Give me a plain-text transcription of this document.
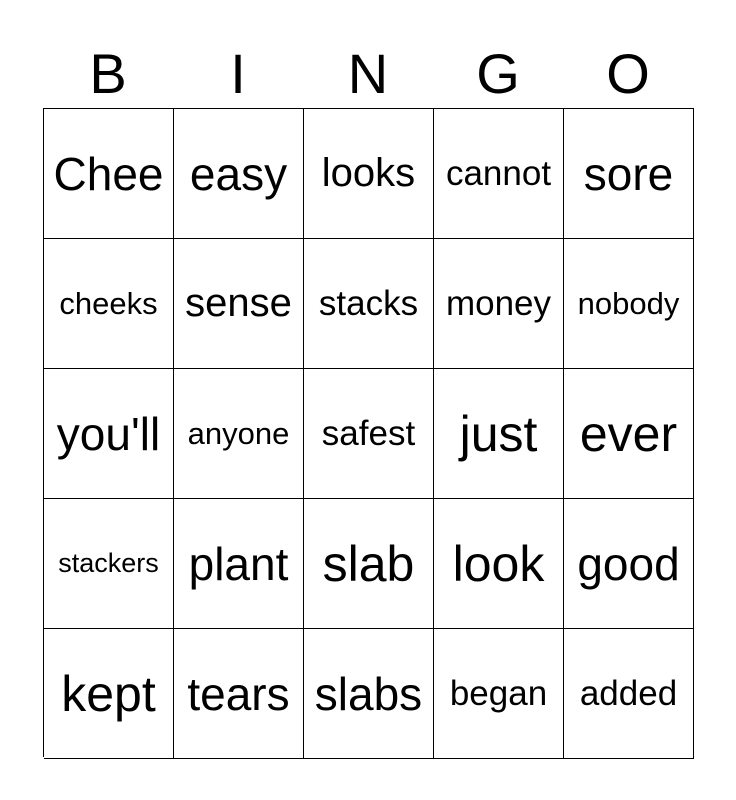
B	I	N	G	O
Chee easy looks cannot sore
cheeks sense stacks money nobody
you'll anyone safest just ever
stackers plant slab look good
kept tears slabs began added
